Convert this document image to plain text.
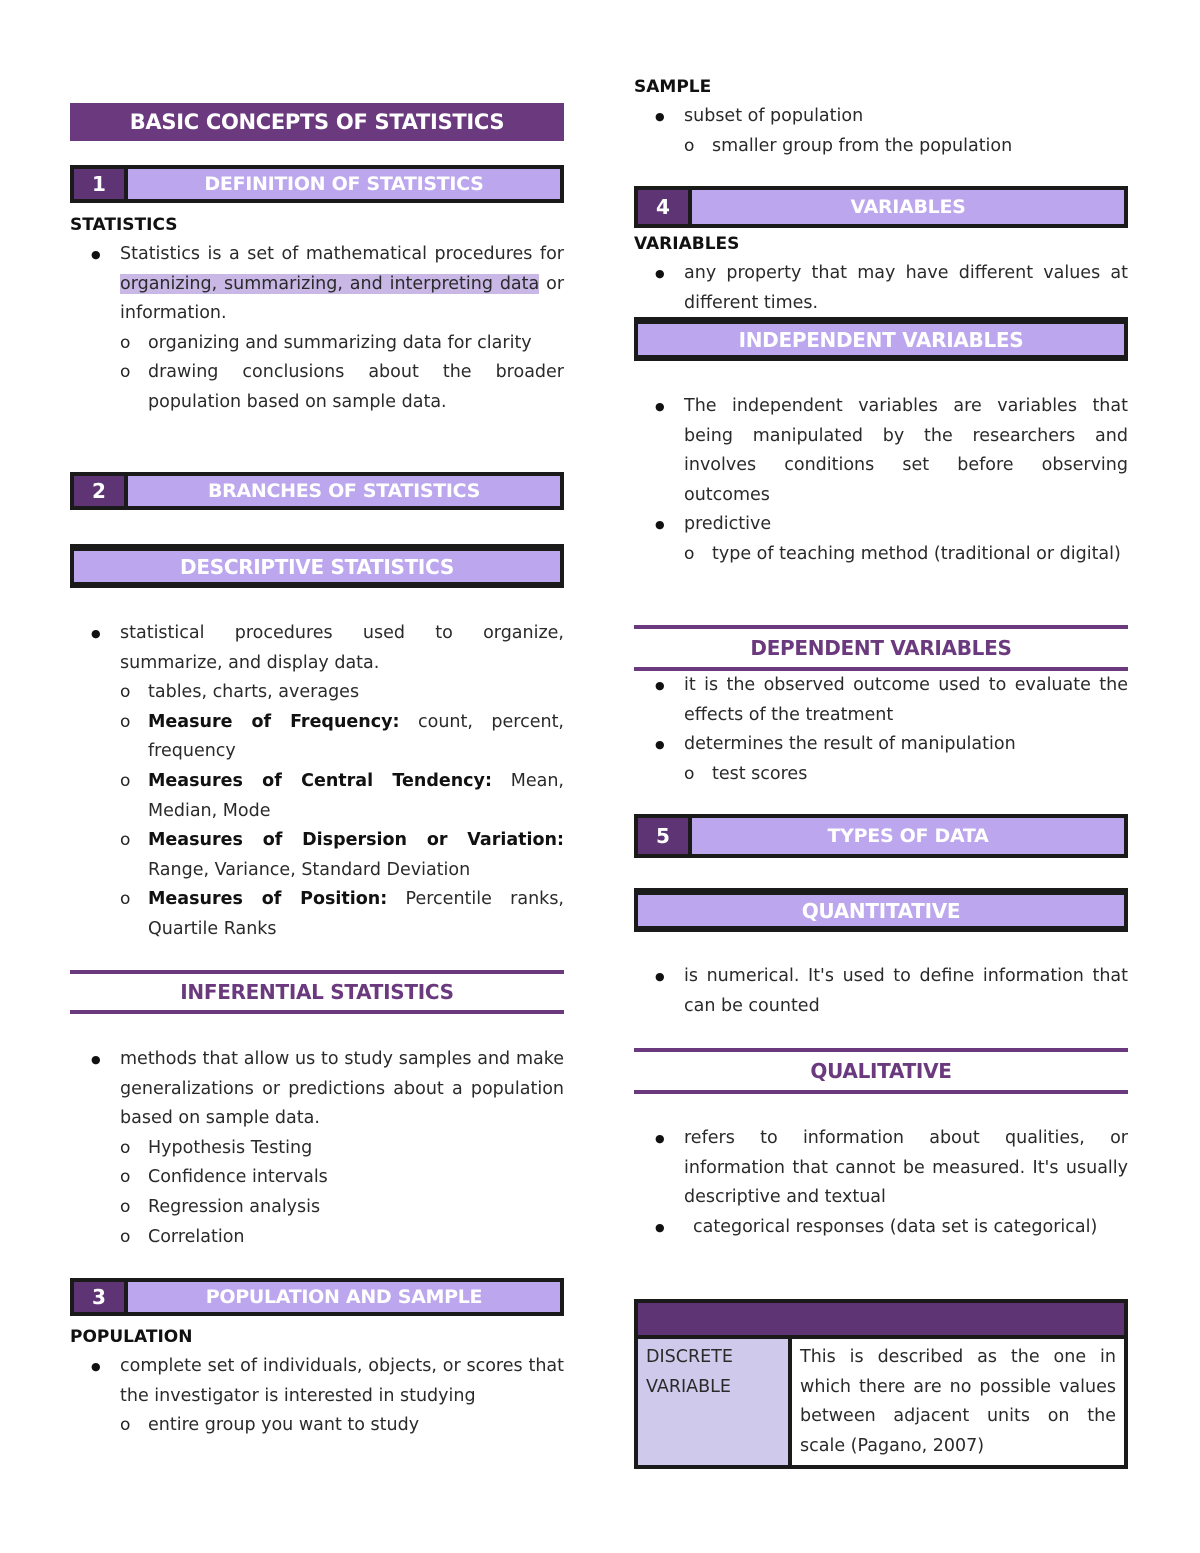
BASIC CONCEPTS OF STATISTICS
1	DEFINITION OF STATISTICS
STATISTICS
● Statistics is a set of mathematical procedures for organizing, summarizing, and interpreting data or information.
o organizing and summarizing data for clarity
o drawing conclusions about the broader population based on sample data.
2	BRANCHES OF STATISTICS
DESCRIPTIVE STATISTICS
● statistical procedures used to organize, summarize, and display data.
o tables, charts, averages
o Measure of Frequency: count, percent, frequency
o Measures of Central Tendency: Mean, Median, Mode
o Measures of Dispersion or Variation: Range, Variance, Standard Deviation
o Measures of Position: Percentile ranks, Quartile Ranks
INFERENTIAL STATISTICS
● methods that allow us to study samples and make generalizations or predictions about a population based on sample data.
o Hypothesis Testing
o Confidence intervals
o Regression analysis
o Correlation
3	POPULATION AND SAMPLE
POPULATION
● complete set of individuals, objects, or scores that the investigator is interested in studying
o entire group you want to study
SAMPLE
● subset of population
o smaller group from the population
4	VARIABLES
VARIABLES
● any property that may have different values at different times.
INDEPENDENT VARIABLES
● The independent variables are variables that being manipulated by the researchers and involves conditions set before observing outcomes
● predictive
o type of teaching method (traditional or digital)
DEPENDENT VARIABLES
● it is the observed outcome used to evaluate the effects of the treatment
● determines the result of manipulation
o test scores
5	TYPES OF DATA
QUANTITATIVE
● is numerical. It's used to define information that can be counted
QUALITATIVE
● refers to information about qualities, or information that cannot be measured. It's usually descriptive and textual
● categorical responses (data set is categorical)

DISCRETE VARIABLE	This is described as the one in which there are no possible values between adjacent units on the scale (Pagano, 2007)
